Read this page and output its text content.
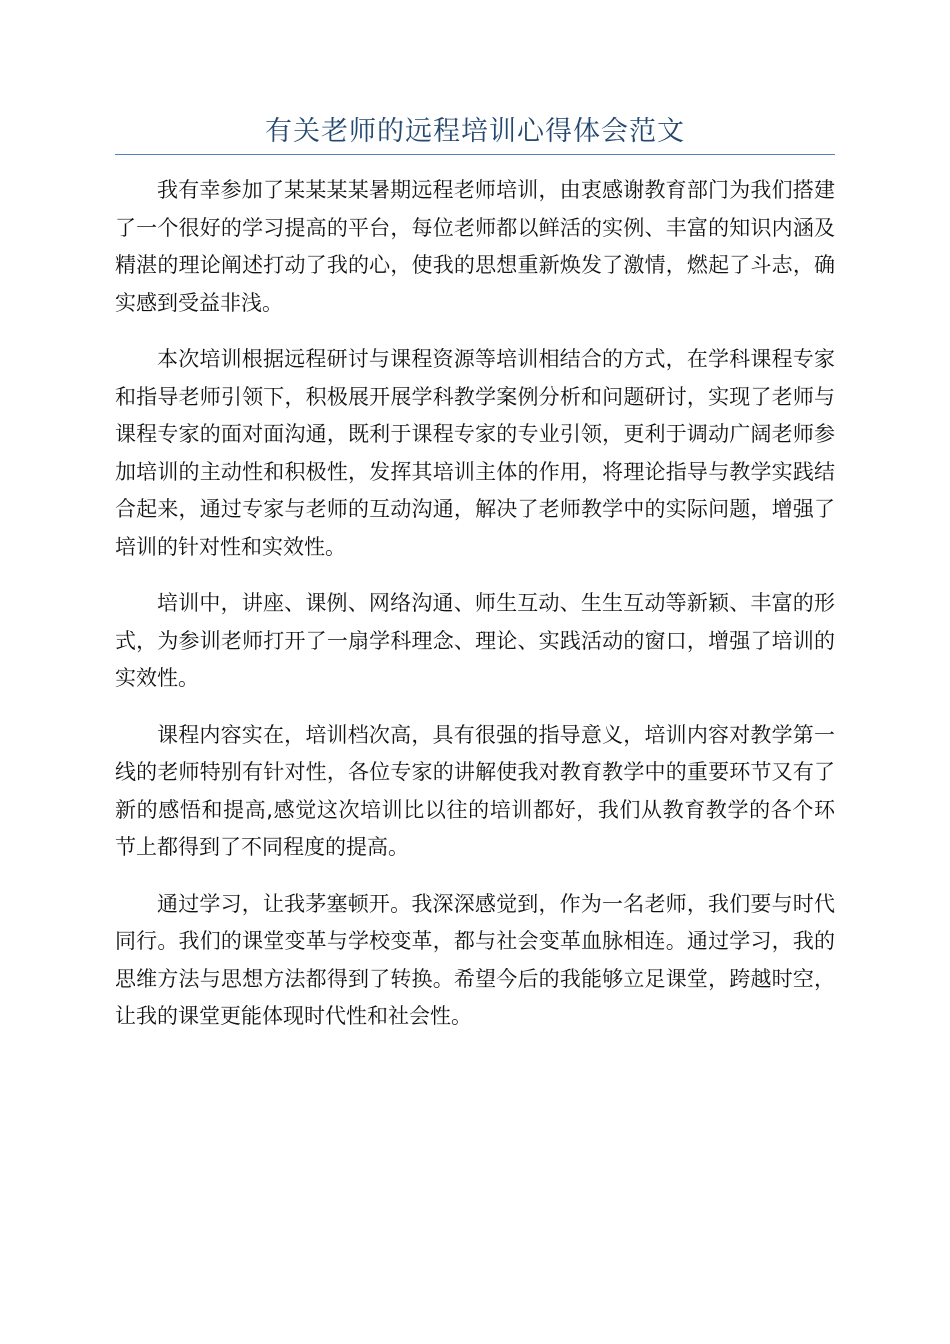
有关老师的远程培训心得体会范文

我有幸参加了某某某某暑期远程老师培训，由衷感谢教育部门为我们搭建了一个很好的学习提高的平台，每位老师都以鲜活的实例、丰富的知识内涵及精湛的理论阐述打动了我的心，使我的思想重新焕发了激情，燃起了斗志，确实感到受益非浅。

本次培训根据远程研讨与课程资源等培训相结合的方式，在学科课程专家和指导老师引领下，积极展开展学科教学案例分析和问题研讨，实现了老师与课程专家的面对面沟通，既利于课程专家的专业引领，更利于调动广阔老师参加培训的主动性和积极性，发挥其培训主体的作用，将理论指导与教学实践结合起来，通过专家与老师的互动沟通，解决了老师教学中的实际问题，增强了培训的针对性和实效性。

培训中，讲座、课例、网络沟通、师生互动、生生互动等新颖、丰富的形式，为参训老师打开了一扇学科理念、理论、实践活动的窗口，增强了培训的实效性。

课程内容实在，培训档次高，具有很强的指导意义，培训内容对教学第一线的老师特别有针对性，各位专家的讲解使我对教育教学中的重要环节又有了新的感悟和提高,感觉这次培训比以往的培训都好，我们从教育教学的各个环节上都得到了不同程度的提高。

通过学习，让我茅塞顿开。我深深感觉到，作为一名老师，我们要与时代同行。我们的课堂变革与学校变革，都与社会变革血脉相连。通过学习，我的思维方法与思想方法都得到了转换。希望今后的我能够立足课堂，跨越时空，让我的课堂更能体现时代性和社会性。
